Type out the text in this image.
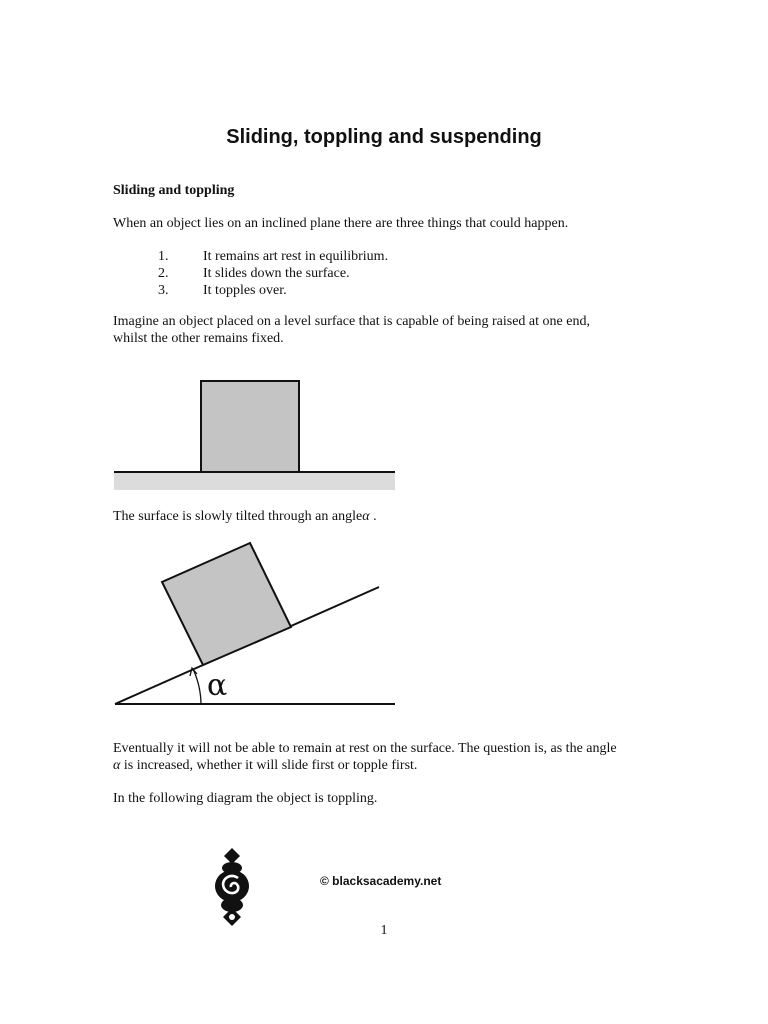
Sliding, toppling and suspending
Sliding and toppling
When an object lies on an inclined plane there are three things that could happen.
1.	It remains art rest in equilibrium.
2.	It slides down the surface.
3.	It topples over.
Imagine an object placed on a level surface that is capable of being raised at one end,
whilst the other remains fixed.
The surface is slowly tilted through an angleα .
α
Eventually it will not be able to remain at rest on the surface. The question is, as the angle
α is increased, whether it will slide first or topple first.
In the following diagram the object is toppling.
© blacksacademy.net
1
